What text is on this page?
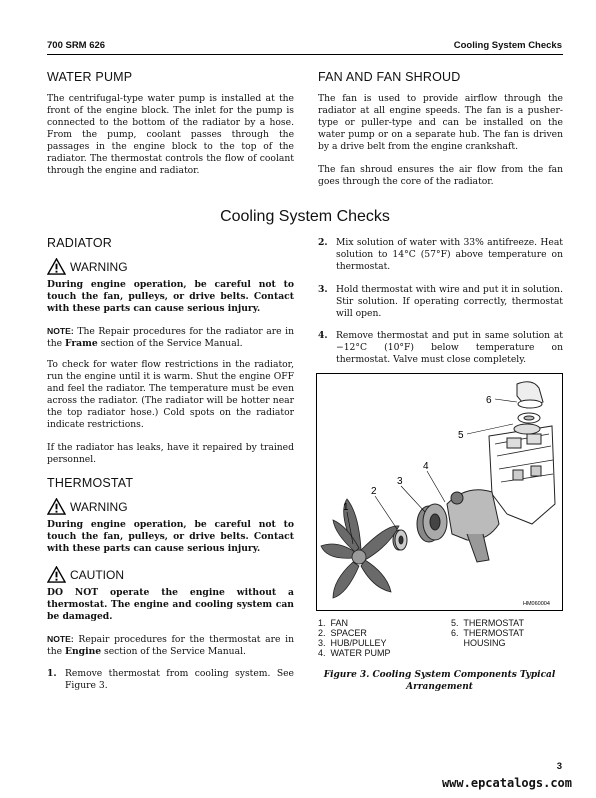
700 SRM 626	Cooling System Checks
WATER PUMP
The centrifugal-type water pump is installed at the front of the engine block. The inlet for the pump is connected to the bottom of the radiator by a hose. From the pump, coolant passes through the passages in the engine block to the top of the radiator. The thermostat controls the flow of coolant through the engine and radiator.
FAN AND FAN SHROUD
The fan is used to provide airflow through the radiator at all engine speeds. The fan is a pusher-type or puller-type and can be installed on the water pump or on a separate hub. The fan is driven by a drive belt from the engine crankshaft.
The fan shroud ensures the air flow from the fan goes through the core of the radiator.
Cooling System Checks
RADIATOR
WARNING
During engine operation, be careful not to touch the fan, pulleys, or drive belts. Contact with these parts can cause serious injury.
NOTE: The Repair procedures for the radiator are in the Frame section of the Service Manual.
To check for water flow restrictions in the radiator, run the engine until it is warm. Shut the engine OFF and feel the radiator. The temperature must be even across the radiator. (The radiator will be hotter near the top radiator hose.) Cold spots on the radiator indicate restrictions.
If the radiator has leaks, have it repaired by trained personnel.
THERMOSTAT
WARNING
During engine operation, be careful not to touch the fan, pulleys, or drive belts. Contact with these parts can cause serious injury.
CAUTION
DO NOT operate the engine without a thermostat. The engine and cooling system can be damaged.
NOTE: Repair procedures for the thermostat are in the Engine section of the Service Manual.
1. Remove thermostat from cooling system. See Figure 3.
2. Mix solution of water with 33% antifreeze. Heat solution to 14°C (57°F) above temperature on thermostat.
3. Hold thermostat with wire and put it in solution. Stir solution. If operating correctly, thermostat will open.
4. Remove thermostat and put in same solution at −12°C (10°F) below temperature on thermostat. Valve must close completely.
1
2
3
4
5
6
HM060004
1.  FAN
2.  SPACER
3.  HUB/PULLEY
4.  WATER PUMP
5.  THERMOSTAT
6.  THERMOSTAT
HOUSING
Figure 3. Cooling System Components Typical
Arrangement
3
www.epcatalogs.com
